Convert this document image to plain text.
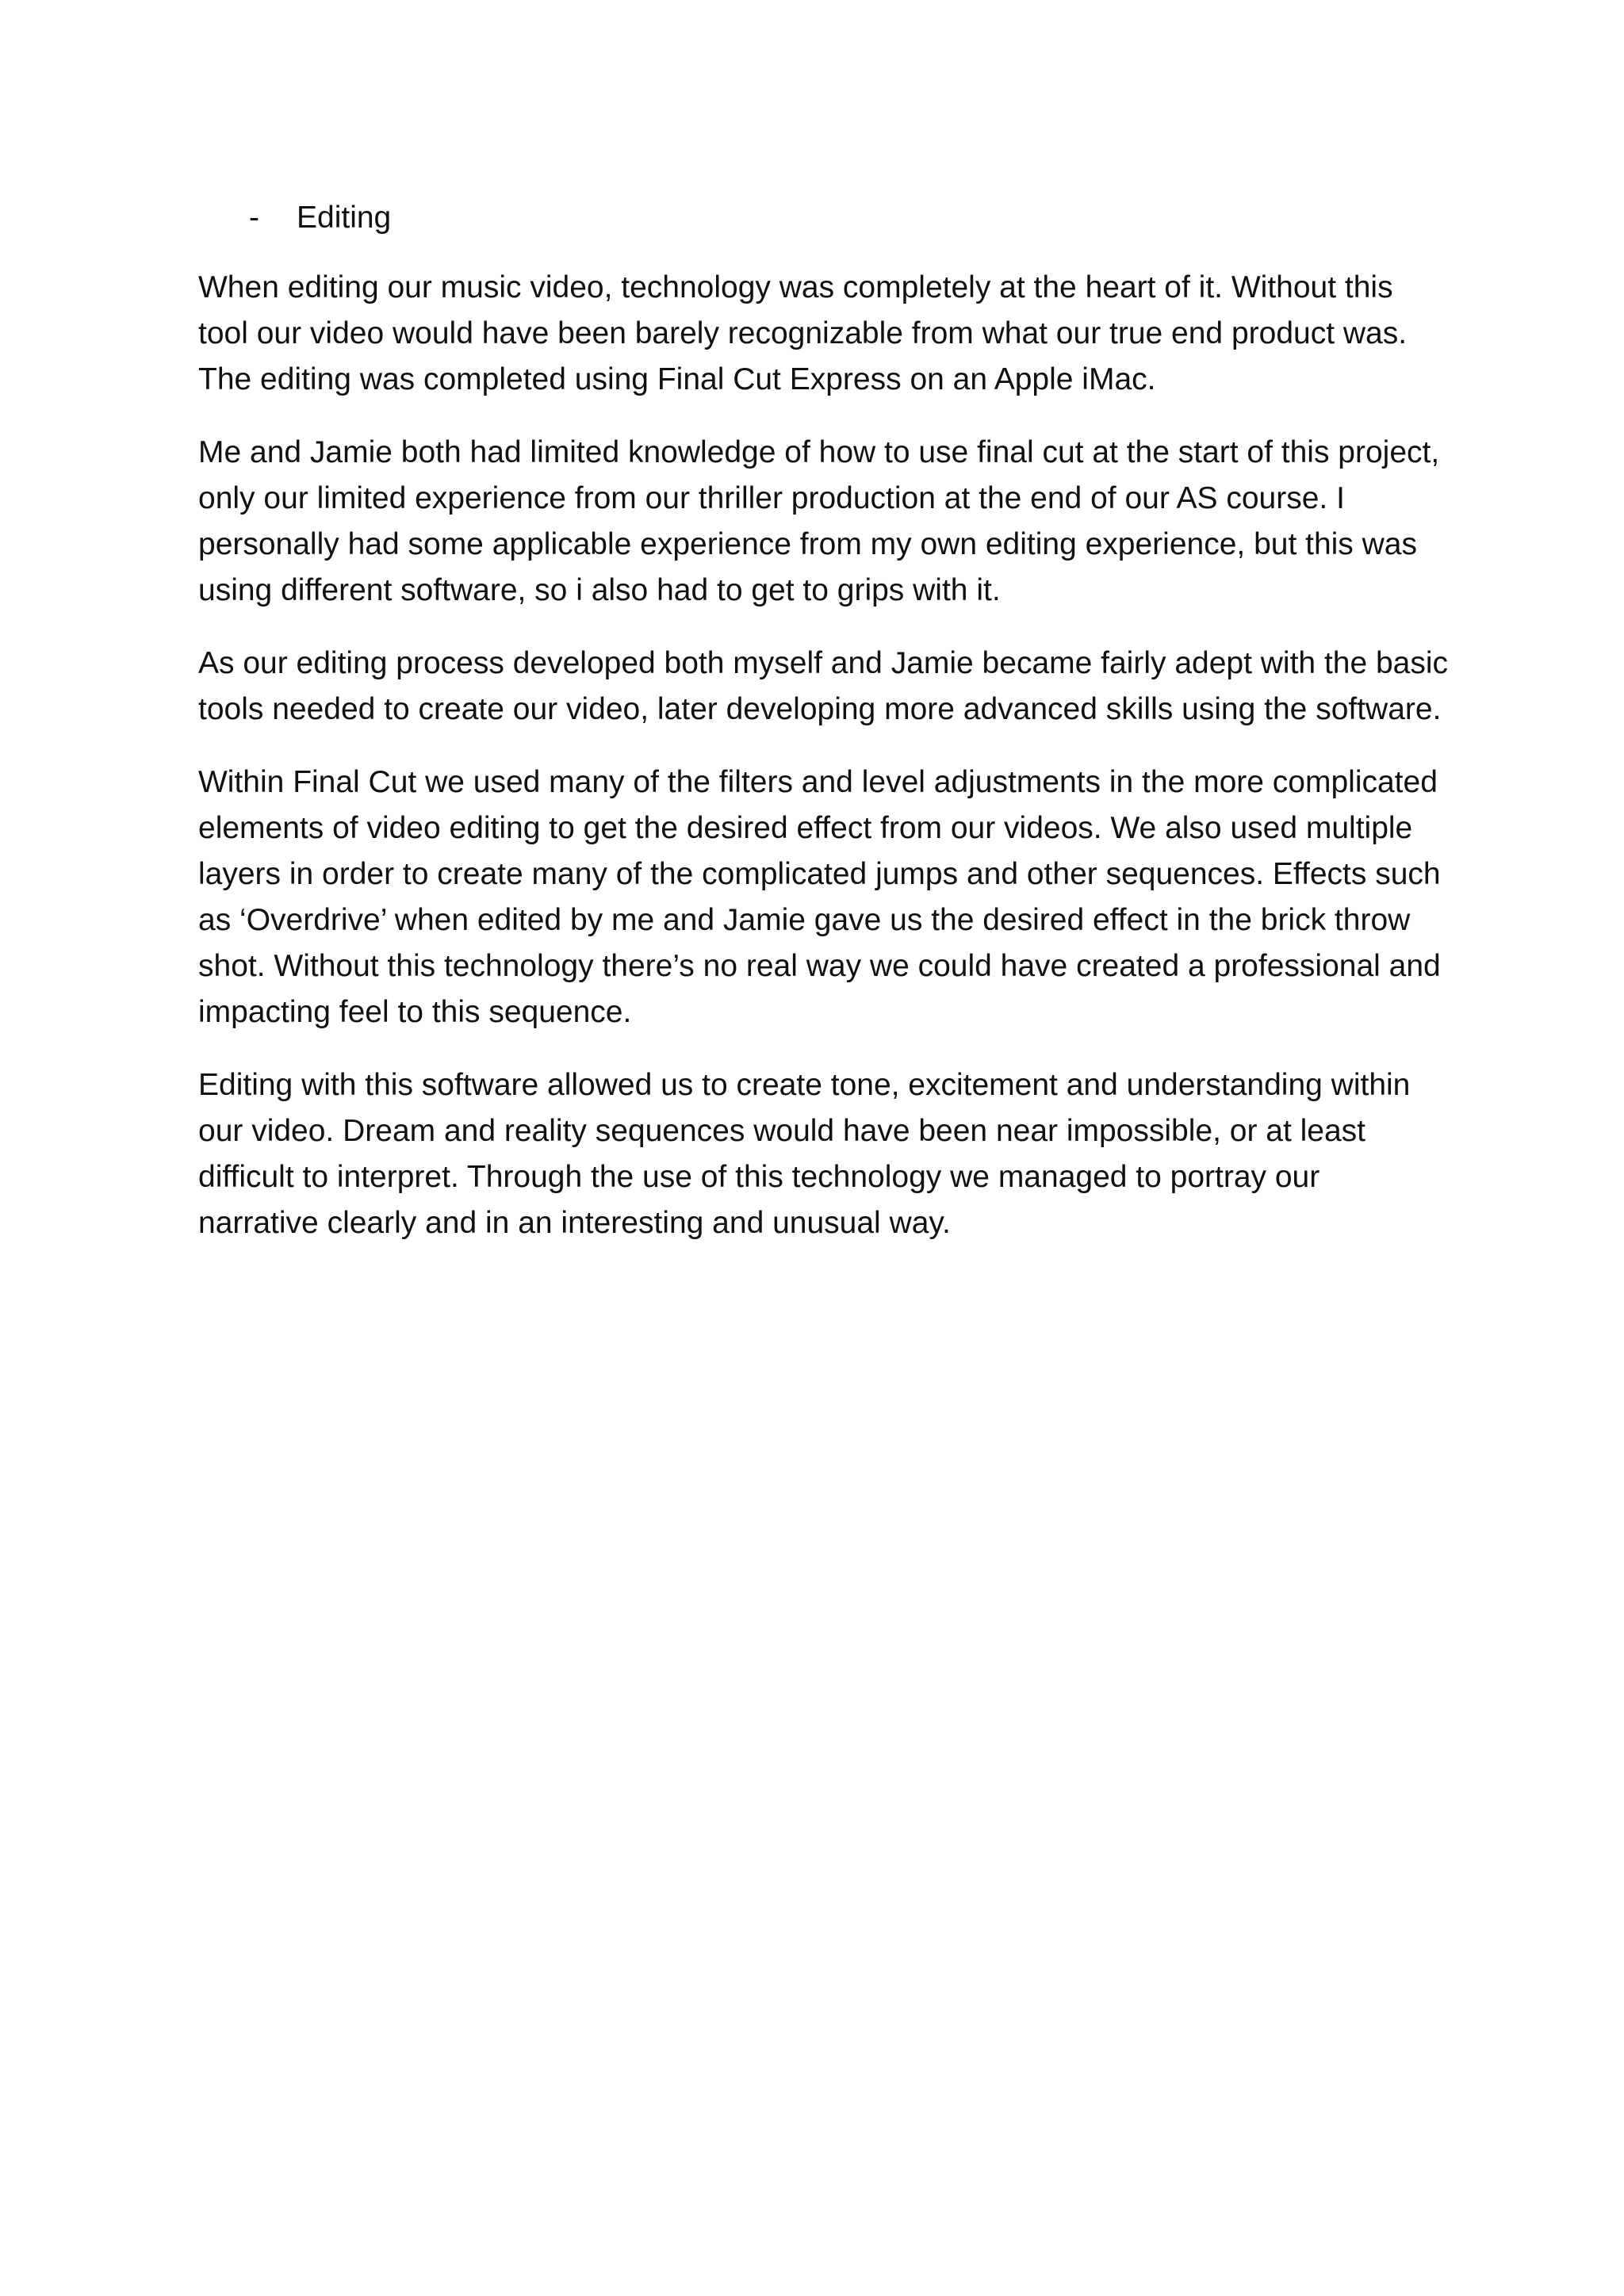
-	Editing

When editing our music video, technology was completely at the heart of it. Without this
tool our video would have been barely recognizable from what our true end product was.
The editing was completed using Final Cut Express on an Apple iMac.

Me and Jamie both had limited knowledge of how to use final cut at the start of this project,
only our limited experience from our thriller production at the end of our AS course. I
personally had some applicable experience from my own editing experience, but this was
using different software, so i also had to get to grips with it.

As our editing process developed both myself and Jamie became fairly adept with the basic
tools needed to create our video, later developing more advanced skills using the software.

Within Final Cut we used many of the filters and level adjustments in the more complicated
elements of video editing to get the desired effect from our videos. We also used multiple
layers in order to create many of the complicated jumps and other sequences. Effects such
as ‘Overdrive’ when edited by me and Jamie gave us the desired effect in the brick throw
shot. Without this technology there’s no real way we could have created a professional and
impacting feel to this sequence.

Editing with this software allowed us to create tone, excitement and understanding within
our video. Dream and reality sequences would have been near impossible, or at least
difficult to interpret. Through the use of this technology we managed to portray our
narrative clearly and in an interesting and unusual way.
